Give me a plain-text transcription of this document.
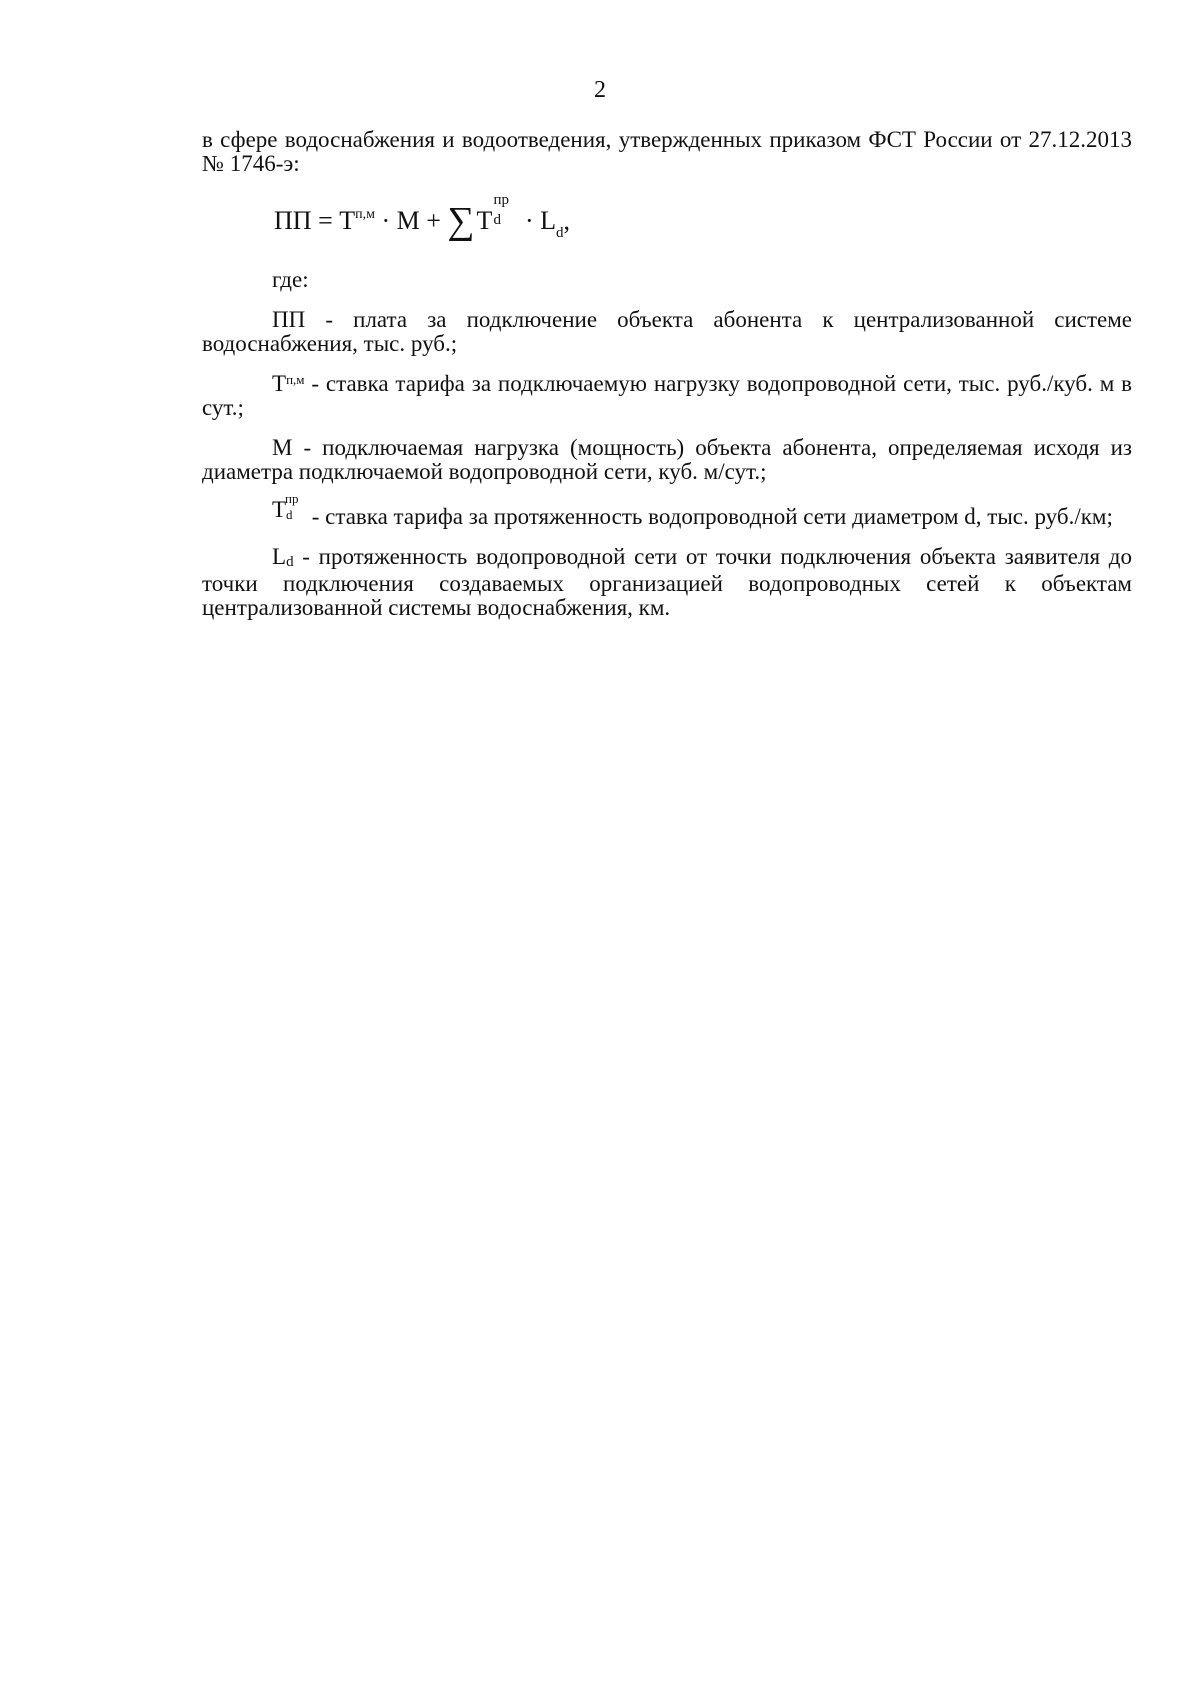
2

в сфере водоснабжения и водоотведения, утвержденных приказом ФСТ России от 27.12.2013 № 1746-э:

ПП = $T^{п,м} \cdot M + \sum T$
пр
$d \cdot L_d$,

где:

ПП - плата за подключение объекта абонента к централизованной системе водоснабжения, тыс. руб.;

$T^{п,м}$ - ставка тарифа за подключаемую нагрузку водопроводной сети, тыс. руб./куб. м в сут.;

М - подключаемая нагрузка (мощность) объекта абонента, определяемая исходя из диаметра подключаемой водопроводной сети, куб. м/сут.;

T
пр
d - ставка тарифа за протяженность водопроводной сети диаметром d, тыс. руб./км;

$L_d$ - протяженность водопроводной сети от точки подключения объекта заявителя до точки подключения создаваемых организацией водопроводных сетей к объектам централизованной системы водоснабжения, км.
